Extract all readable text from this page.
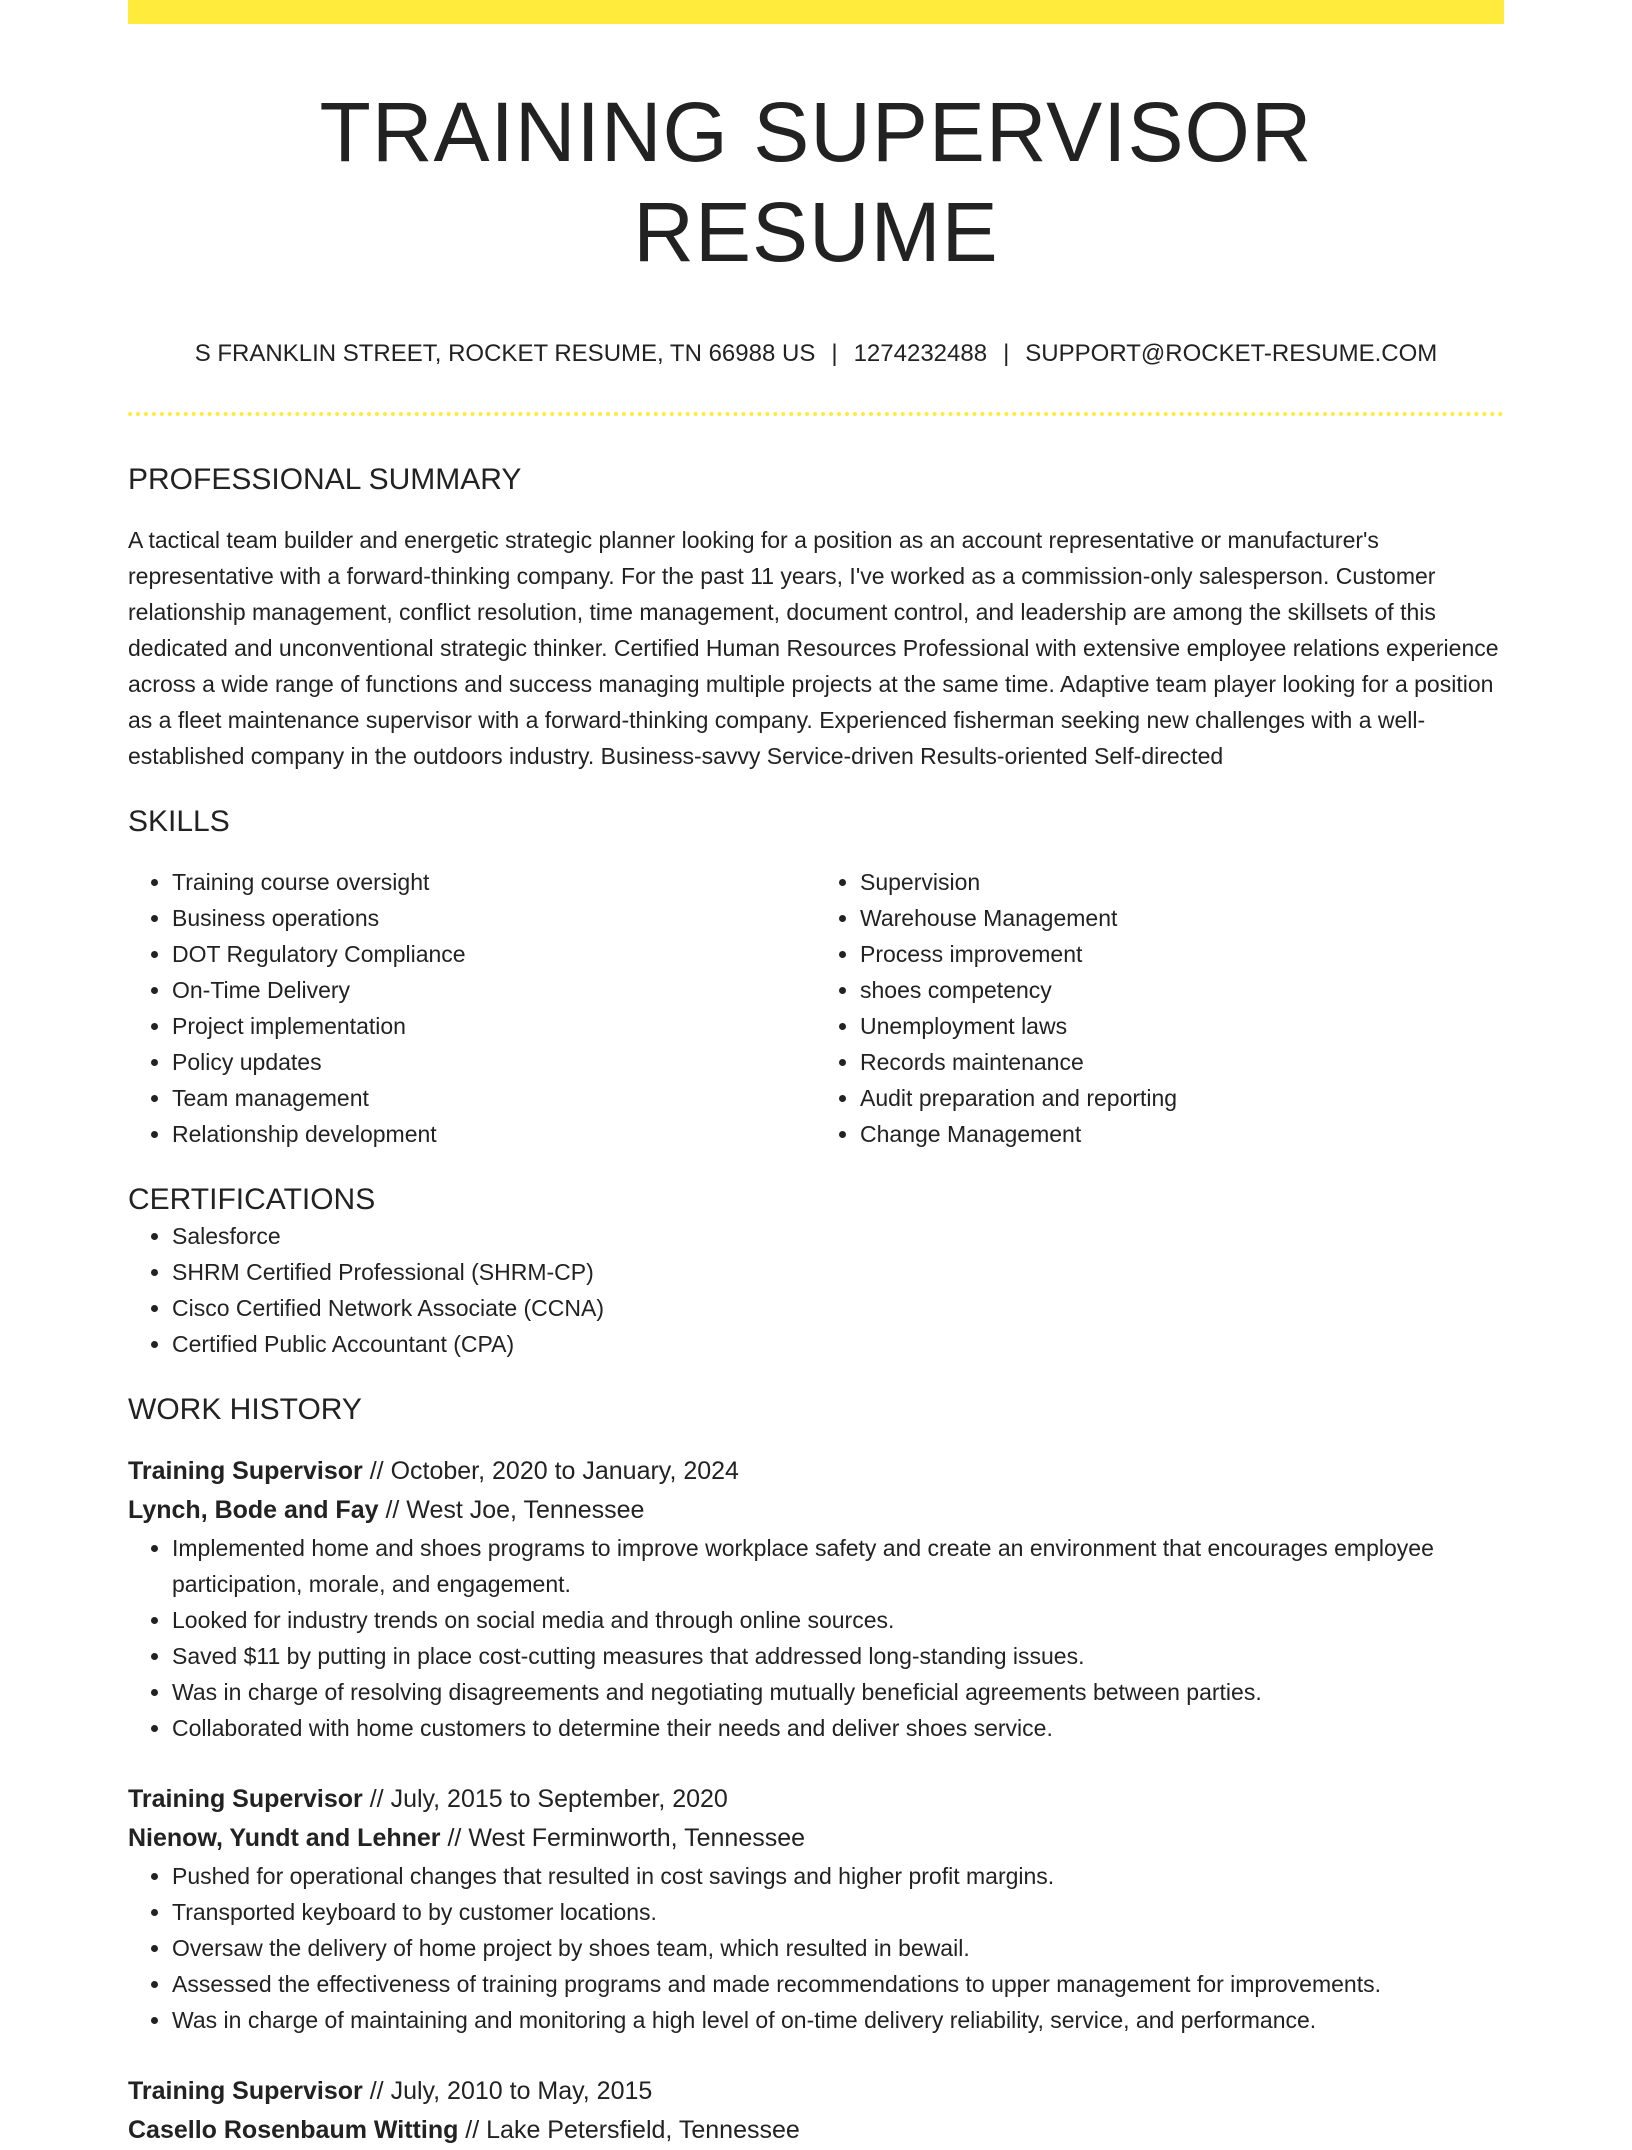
TRAINING SUPERVISOR RESUME
S FRANKLIN STREET, ROCKET RESUME, TN 66988 US | 1274232488 | SUPPORT@ROCKET-RESUME.COM
PROFESSIONAL SUMMARY

A tactical team builder and energetic strategic planner looking for a position as an account representative or manufacturer's representative with a forward-thinking company. For the past 11 years, I've worked as a commission-only salesperson. Customer relationship management, conflict resolution, time management, document control, and leadership are among the skillsets of this dedicated and unconventional strategic thinker. Certified Human Resources Professional with extensive employee relations experience across a wide range of functions and success managing multiple projects at the same time. Adaptive team player looking for a position as a fleet maintenance supervisor with a forward-thinking company. Experienced fisherman seeking new challenges with a well-established company in the outdoors industry. Business-savvy Service-driven Results-oriented Self-directed

SKILLS
• Training course oversight
• Business operations
• DOT Regulatory Compliance
• On-Time Delivery
• Project implementation
• Policy updates
• Team management
• Relationship development
• Supervision
• Warehouse Management
• Process improvement
• shoes competency
• Unemployment laws
• Records maintenance
• Audit preparation and reporting
• Change Management
CERTIFICATIONS
• Salesforce
• SHRM Certified Professional (SHRM-CP)
• Cisco Certified Network Associate (CCNA)
• Certified Public Accountant (CPA)
WORK HISTORY
Training Supervisor // October, 2020 to January, 2024
Lynch, Bode and Fay // West Joe, Tennessee
• Implemented home and shoes programs to improve workplace safety and create an environment that encourages employee participation, morale, and engagement.
• Looked for industry trends on social media and through online sources.
• Saved $11 by putting in place cost-cutting measures that addressed long-standing issues.
• Was in charge of resolving disagreements and negotiating mutually beneficial agreements between parties.
• Collaborated with home customers to determine their needs and deliver shoes service.
Training Supervisor // July, 2015 to September, 2020
Nienow, Yundt and Lehner // West Ferminworth, Tennessee
• Pushed for operational changes that resulted in cost savings and higher profit margins.
• Transported keyboard to by customer locations.
• Oversaw the delivery of home project by shoes team, which resulted in bewail.
• Assessed the effectiveness of training programs and made recommendations to upper management for improvements.
• Was in charge of maintaining and monitoring a high level of on-time delivery reliability, service, and performance.
Training Supervisor // July, 2010 to May, 2015
Casello Rosenbaum Witting // Lake Petersfield, Tennessee
